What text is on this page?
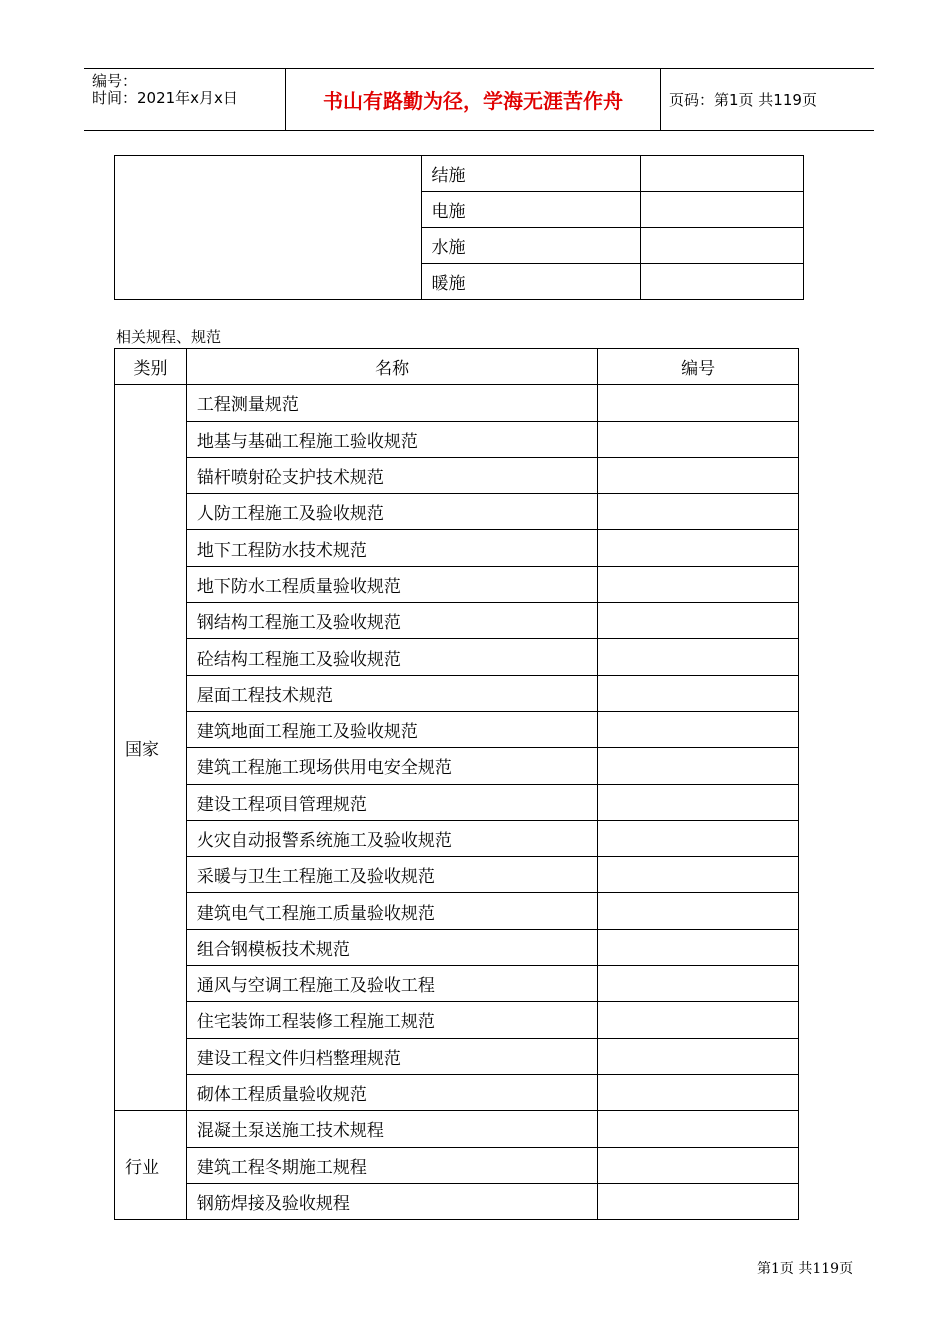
编号：
时间：2021年x月x日	书山有路勤为径，学海无涯苦作舟	页码：第1页 共119页
	结施	
	电施	
	水施	
	暖施	
相关规程、规范
类别	名称	编号
国家	工程测量规范	
	地基与基础工程施工验收规范	
	锚杆喷射砼支护技术规范	
	人防工程施工及验收规范	
	地下工程防水技术规范	
	地下防水工程质量验收规范	
	钢结构工程施工及验收规范	
	砼结构工程施工及验收规范	
	屋面工程技术规范	
	建筑地面工程施工及验收规范	
	建筑工程施工现场供用电安全规范	
	建设工程项目管理规范	
	火灾自动报警系统施工及验收规范	
	采暖与卫生工程施工及验收规范	
	建筑电气工程施工质量验收规范	
	组合钢模板技术规范	
	通风与空调工程施工及验收工程	
	住宅装饰工程装修工程施工规范	
	建设工程文件归档整理规范	
	砌体工程质量验收规范	
行业	混凝土泵送施工技术规程	
	建筑工程冬期施工规程	
	钢筋焊接及验收规程	
第1页 共119页
